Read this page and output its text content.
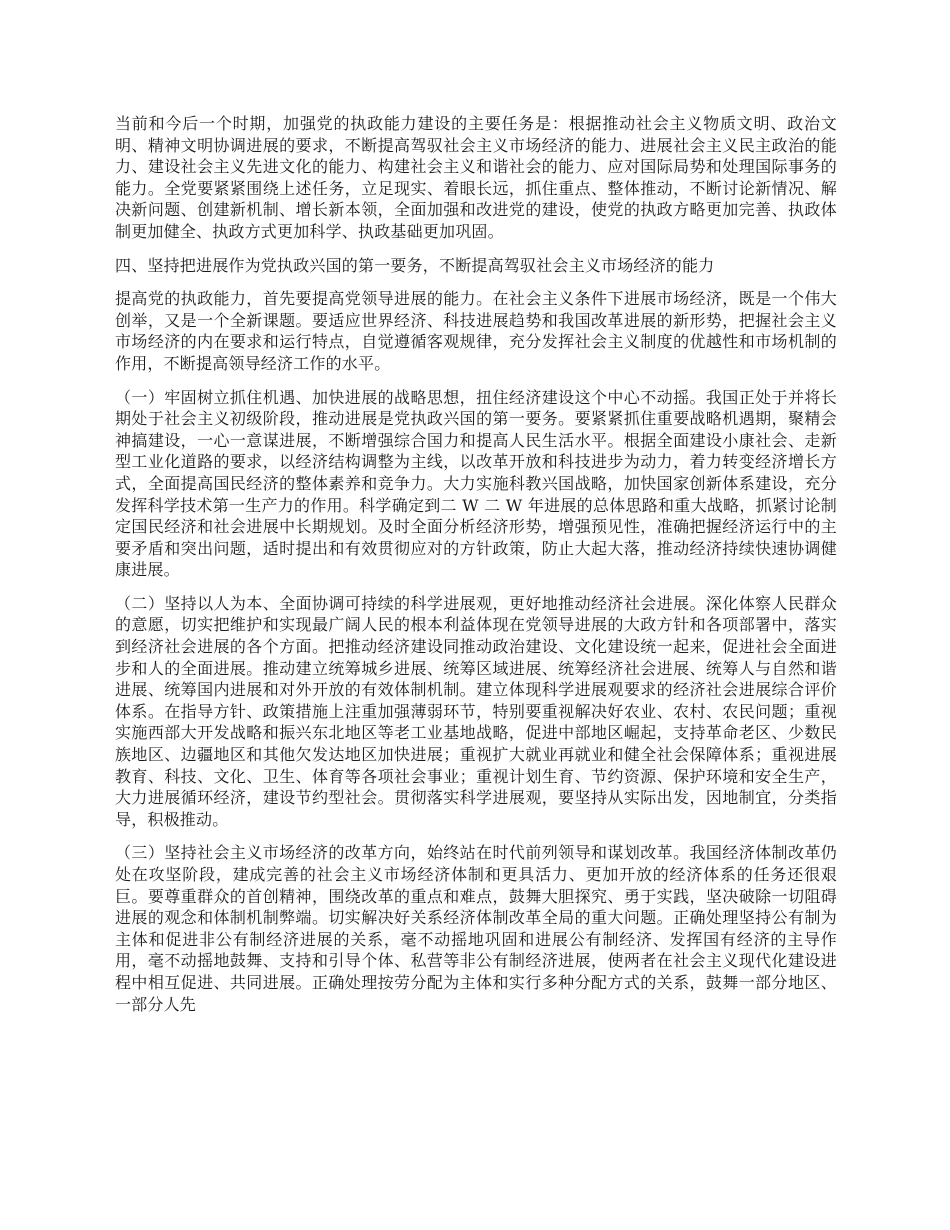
当前和今后一个时期，加强党的执政能力建设的主要任务是：根据推动社会主义物质文明、政治文明、精神文明协调进展的要求，不断提高驾驭社会主义市场经济的能力、进展社会主义民主政治的能力、建设社会主义先进文化的能力、构建社会主义和谐社会的能力、应对国际局势和处理国际事务的能力。全党要紧紧围绕上述任务，立足现实、着眼长远，抓住重点、整体推动，不断讨论新情况、解决新问题、创建新机制、增长新本领，全面加强和改进党的建设，使党的执政方略更加完善、执政体制更加健全、执政方式更加科学、执政基础更加巩固。

四、坚持把进展作为党执政兴国的第一要务，不断提高驾驭社会主义市场经济的能力

提高党的执政能力，首先要提高党领导进展的能力。在社会主义条件下进展市场经济，既是一个伟大创举，又是一个全新课题。要适应世界经济、科技进展趋势和我国改革进展的新形势，把握社会主义市场经济的内在要求和运行特点，自觉遵循客观规律，充分发挥社会主义制度的优越性和市场机制的作用，不断提高领导经济工作的水平。

（一）牢固树立抓住机遇、加快进展的战略思想，扭住经济建设这个中心不动摇。我国正处于并将长期处于社会主义初级阶段，推动进展是党执政兴国的第一要务。要紧紧抓住重要战略机遇期，聚精会神搞建设，一心一意谋进展，不断增强综合国力和提高人民生活水平。根据全面建设小康社会、走新型工业化道路的要求，以经济结构调整为主线，以改革开放和科技进步为动力，着力转变经济增长方式，全面提高国民经济的整体素养和竞争力。大力实施科教兴国战略，加快国家创新体系建设，充分发挥科学技术第一生产力的作用。科学确定到二 W 二 W 年进展的总体思路和重大战略，抓紧讨论制定国民经济和社会进展中长期规划。及时全面分析经济形势，增强预见性，准确把握经济运行中的主要矛盾和突出问题，适时提出和有效贯彻应对的方针政策，防止大起大落，推动经济持续快速协调健康进展。

（二）坚持以人为本、全面协调可持续的科学进展观，更好地推动经济社会进展。深化体察人民群众的意愿，切实把维护和实现最广阔人民的根本利益体现在党领导进展的大政方针和各项部署中，落实到经济社会进展的各个方面。把推动经济建设同推动政治建设、文化建设统一起来，促进社会全面进步和人的全面进展。推动建立统筹城乡进展、统筹区域进展、统筹经济社会进展、统筹人与自然和谐进展、统筹国内进展和对外开放的有效体制机制。建立体现科学进展观要求的经济社会进展综合评价体系。在指导方针、政策措施上注重加强薄弱环节，特别要重视解决好农业、农村、农民问题；重视实施西部大开发战略和振兴东北地区等老工业基地战略，促进中部地区崛起，支持革命老区、少数民族地区、边疆地区和其他欠发达地区加快进展；重视扩大就业再就业和健全社会保障体系；重视进展教育、科技、文化、卫生、体育等各项社会事业；重视计划生育、节约资源、保护环境和安全生产，大力进展循环经济，建设节约型社会。贯彻落实科学进展观，要坚持从实际出发，因地制宜，分类指导，积极推动。

（三）坚持社会主义市场经济的改革方向，始终站在时代前列领导和谋划改革。我国经济体制改革仍处在攻坚阶段，建成完善的社会主义市场经济体制和更具活力、更加开放的经济体系的任务还很艰巨。要尊重群众的首创精神，围绕改革的重点和难点，鼓舞大胆探究、勇于实践，坚决破除一切阻碍进展的观念和体制机制弊端。切实解决好关系经济体制改革全局的重大问题。正确处理坚持公有制为主体和促进非公有制经济进展的关系，毫不动摇地巩固和进展公有制经济、发挥国有经济的主导作用，毫不动摇地鼓舞、支持和引导个体、私营等非公有制经济进展，使两者在社会主义现代化建设进程中相互促进、共同进展。正确处理按劳分配为主体和实行多种分配方式的关系，鼓舞一部分地区、一部分人先
